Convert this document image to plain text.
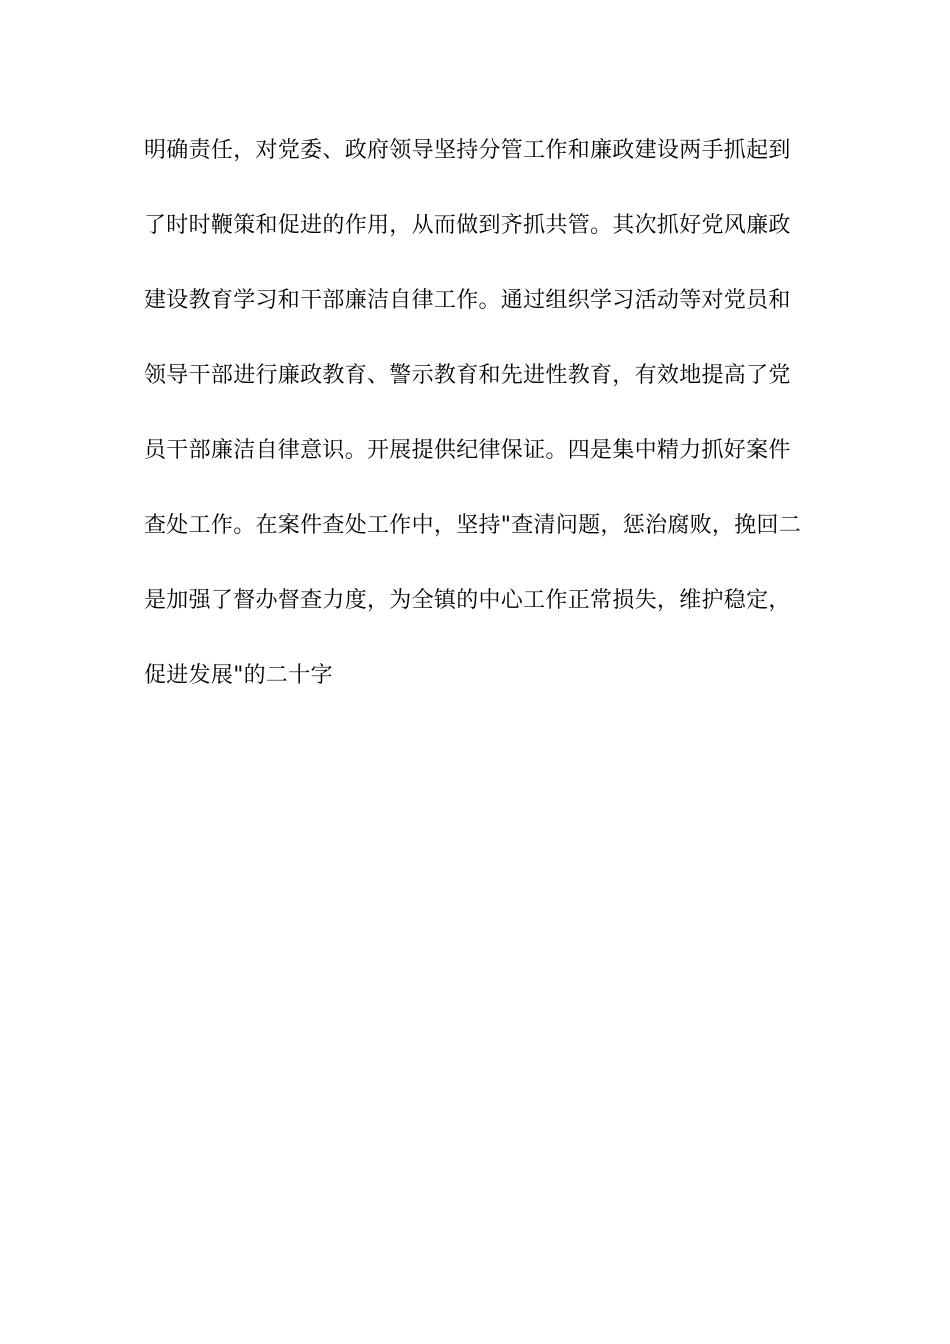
明确责任，对党委、政府领导坚持分管工作和廉政建设两手抓起到
了时时鞭策和促进的作用，从而做到齐抓共管。其次抓好党风廉政
建设教育学习和干部廉洁自律工作。通过组织学习活动等对党员和
领导干部进行廉政教育、警示教育和先进性教育，有效地提高了党
员干部廉洁自律意识。开展提供纪律保证。四是集中精力抓好案件
查处工作。在案件查处工作中，坚持"查清问题，惩治腐败，挽回二
是加强了督办督查力度，为全镇的中心工作正常损失，维护稳定，
促进发展"的二十字
